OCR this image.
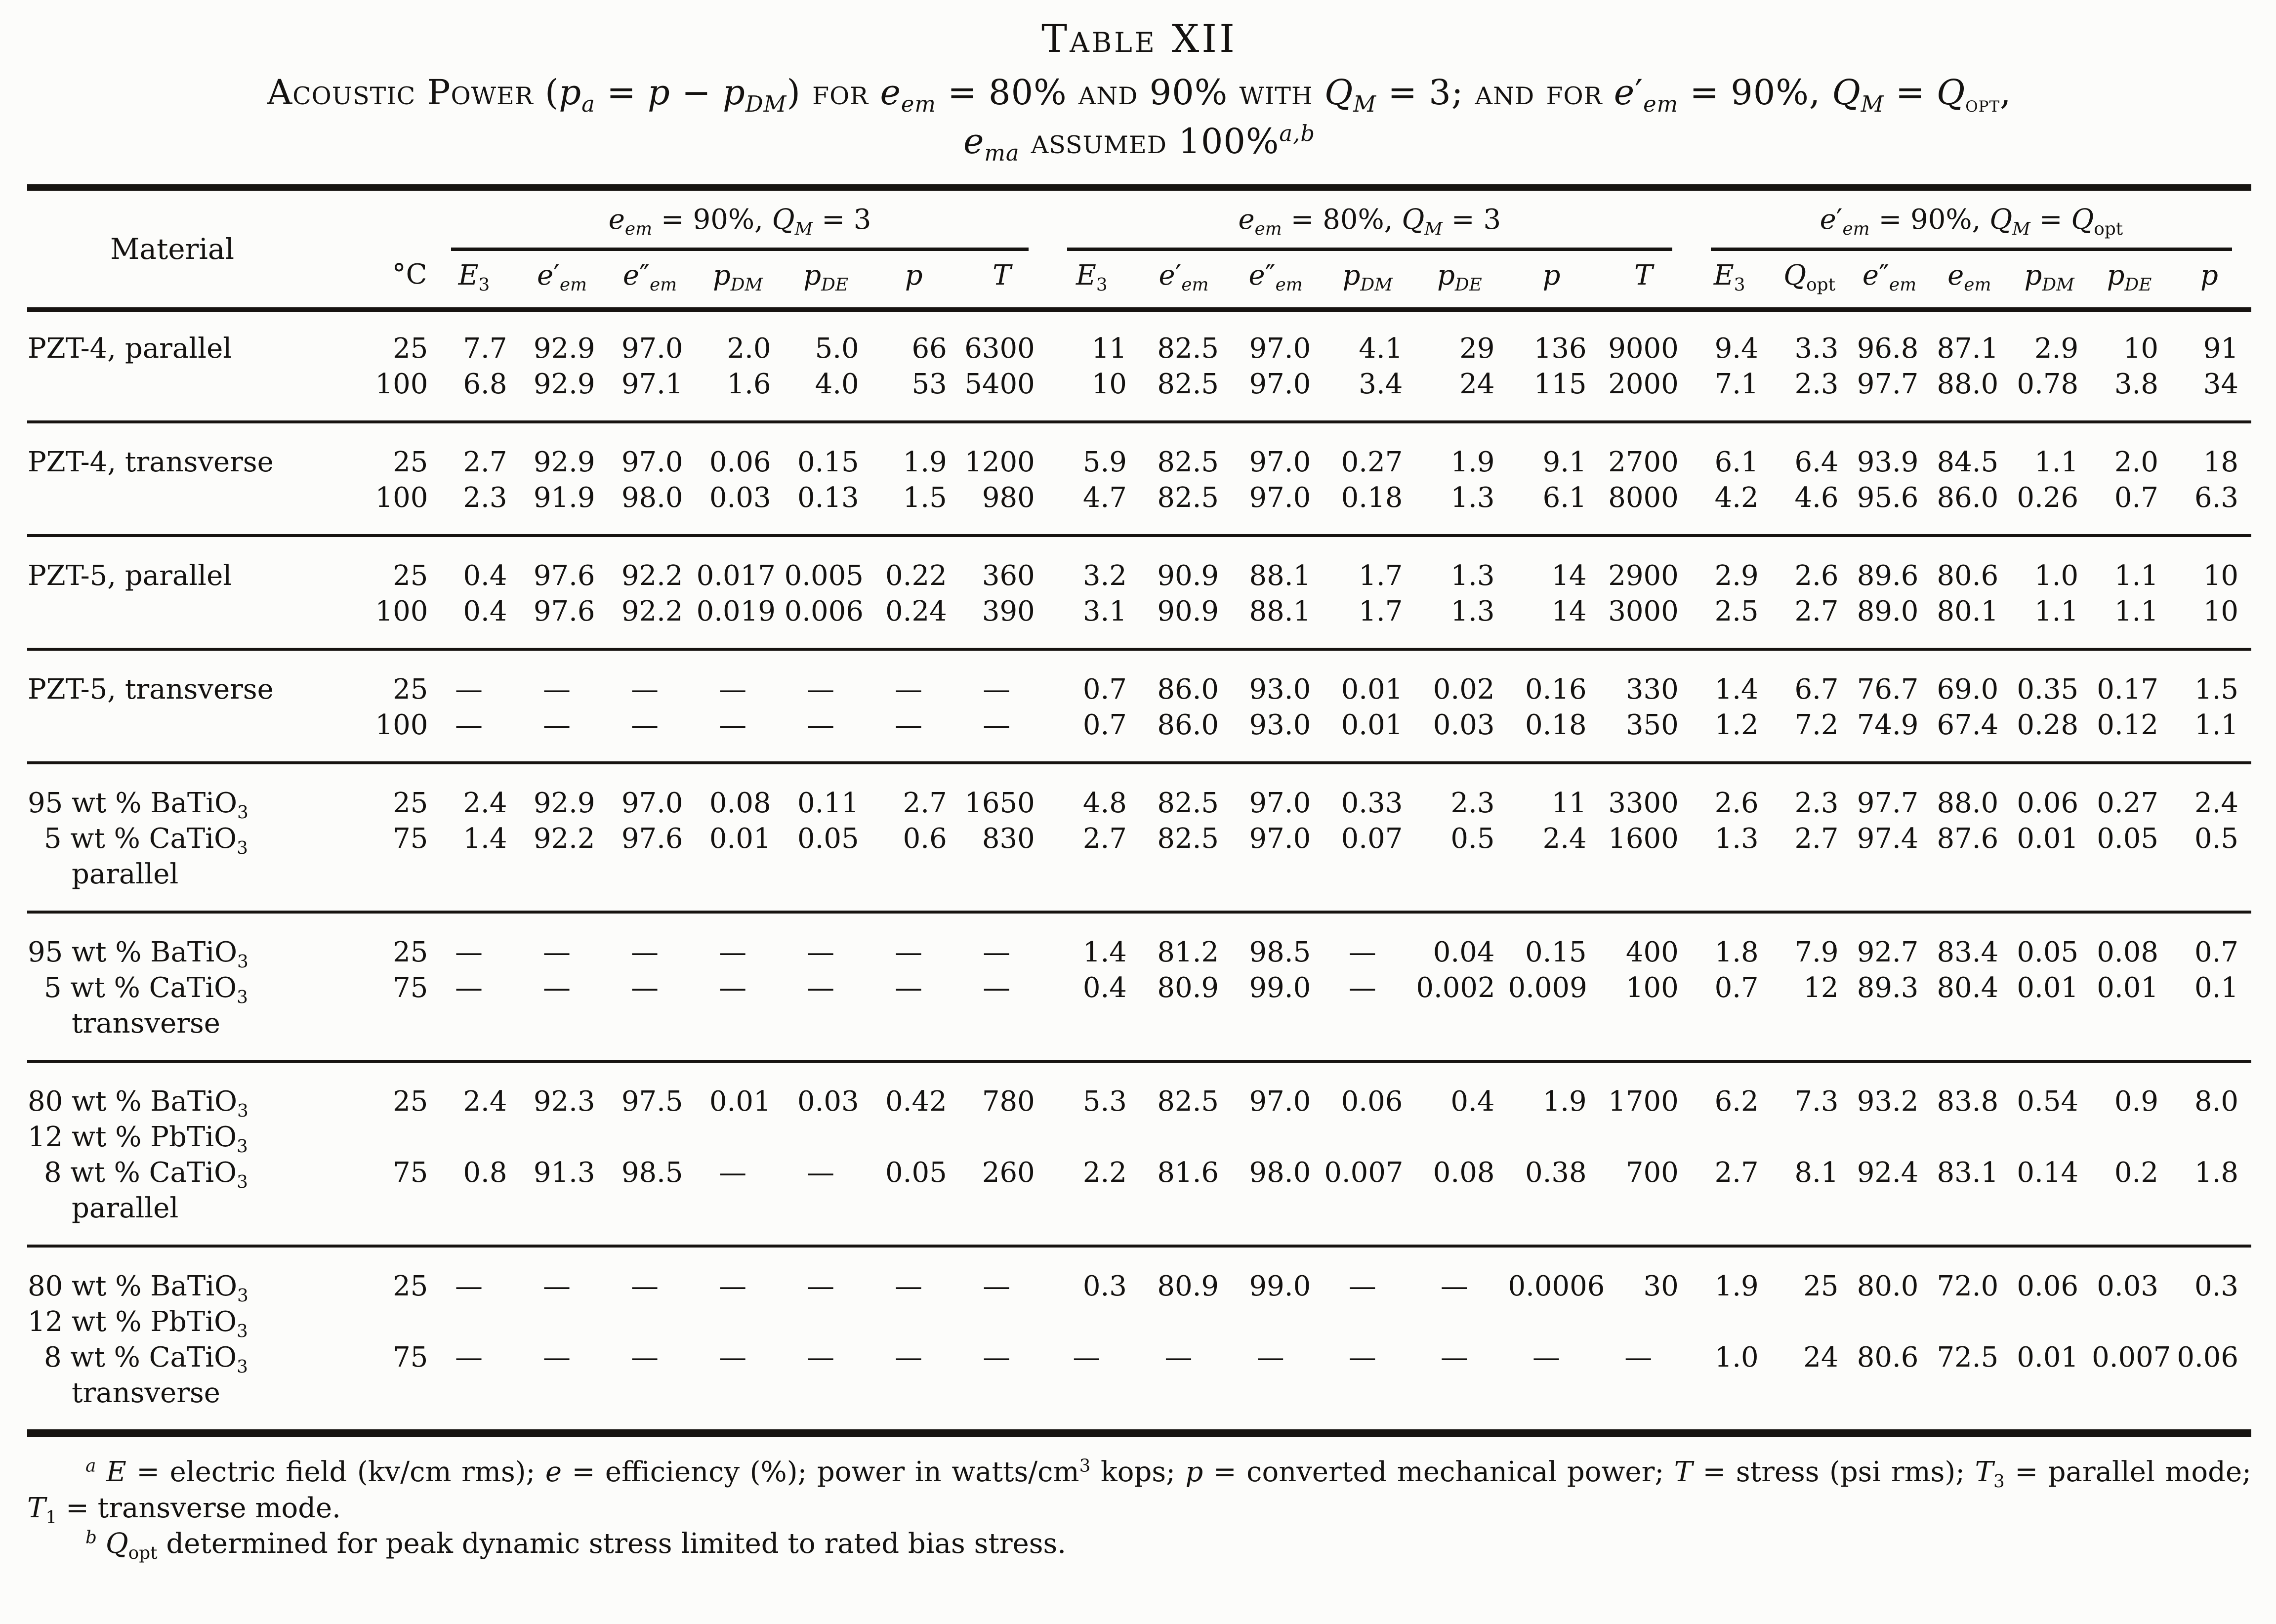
Table XII
Acoustic Power $(p_a = p - p_{DM})$ for $e_{em} = 80\%$ and 90% with $Q_M = 3$; and for $e'_{em} = 90\%$, $Q_M = Q_{opt}$,
$e_{ma}$ assumed 100%$^{a,b}$
Material	°C	$e_{em} = 90\%$, $Q_M = 3$							$e_{em} = 80\%$, $Q_M = 3$							$e'_{em} = 90\%$, $Q_M = Q_{opt}$

		$E_3$	$e'_{em}$	$e''_{em}$	$p_{DM}$	$p_{DE}$	p	T	$E_3$	$e'_{em}$	$e''_{em}$	$p_{DM}$	$p_{DE}$	p	T	$E_3$	$Q_{opt}$	$e''_{em}$	$e_{em}$	$p_{DM}$	$p_{DE}$	p
PZT-4, parallel	25	7.7	92.9	97.0	2.0	5.0	66	6300	11	82.5	97.0	4.1	29	136	9000	9.4	3.3	96.8	87.1	2.9	10	91
	100	6.8	92.9	97.1	1.6	4.0	53	5400	10	82.5	97.0	3.4	24	115	2000	7.1	2.3	97.7	88.0	0.78	3.8	34
PZT-4, transverse	25	2.7	92.9	97.0	0.06	0.15	1.9	1200	5.9	82.5	97.0	0.27	1.9	9.1	2700	6.1	6.4	93.9	84.5	1.1	2.0	18
	100	2.3	91.9	98.0	0.03	0.13	1.5	980	4.7	82.5	97.0	0.18	1.3	6.1	8000	4.2	4.6	95.6	86.0	0.26	0.7	6.3
PZT-5, parallel	25	0.4	97.6	92.2	0.017	0.005	0.22	360	3.2	90.9	88.1	1.7	1.3	14	2900	2.9	2.6	89.6	80.6	1.0	1.1	10
	100	0.4	97.6	92.2	0.019	0.006	0.24	390	3.1	90.9	88.1	1.7	1.3	14	3000	2.5	2.7	89.0	80.1	1.1	1.1	10
PZT-5, transverse	25	—	—	—	—	—	—	—	0.7	86.0	93.0	0.01	0.02	0.16	330	1.4	6.7	76.7	69.0	0.35	0.17	1.5
	100	—	—	—	—	—	—	—	0.7	86.0	93.0	0.01	0.03	0.18	350	1.2	7.2	74.9	67.4	0.28	0.12	1.1
95 wt % BaTiO$_3$	25	2.4	92.9	97.0	0.08	0.11	2.7	1650	4.8	82.5	97.0	0.33	2.3	11	3300	2.6	2.3	97.7	88.0	0.06	0.27	2.4
5 wt % CaTiO$_3$	75	1.4	92.2	97.6	0.01	0.05	0.6	830	2.7	82.5	97.0	0.07	0.5	2.4	1600	1.3	2.7	97.4	87.6	0.01	0.05	0.5
parallel																						
95 wt % BaTiO$_3$	25	—	—	—	—	—	—	—	1.4	81.2	98.5	—	0.04	0.15	400	1.8	7.9	92.7	83.4	0.05	0.08	0.7
5 wt % CaTiO$_3$	75	—	—	—	—	—	—	—	0.4	80.9	99.0	—	0.002	0.009	100	0.7	12	89.3	80.4	0.01	0.01	0.1
transverse																						
80 wt % BaTiO$_3$	25	2.4	92.3	97.5	0.01	0.03	0.42	780	5.3	82.5	97.0	0.06	0.4	1.9	1700	6.2	7.3	93.2	83.8	0.54	0.9	8.0
12 wt % PbTiO$_3$																						
8 wt % CaTiO$_3$	75	0.8	91.3	98.5	—	—	0.05	260	2.2	81.6	98.0	0.007	0.08	0.38	700	2.7	8.1	92.4	83.1	0.14	0.2	1.8
parallel																						
80 wt % BaTiO$_3$	25	—	—	—	—	—	—	—	0.3	80.9	99.0	—	—	0.0006	30	1.9	25	80.0	72.0	0.06	0.03	0.3
12 wt % PbTiO$_3$																						
8 wt % CaTiO$_3$	75	—	—	—	—	—	—	—	—	—	—	—	—	—	—	1.0	24	80.6	72.5	0.01	0.007	0.06
transverse																						

$^a$ E = electric field (kv/cm rms); e = efficiency (%); power in watts/$cm^3$ kops; p = converted mechanical power; T = stress (psi rms); $T_3$ = parallel mode; $T_1$ = transverse mode.

$^b$ $Q_{opt}$ determined for peak dynamic stress limited to rated bias stress.
